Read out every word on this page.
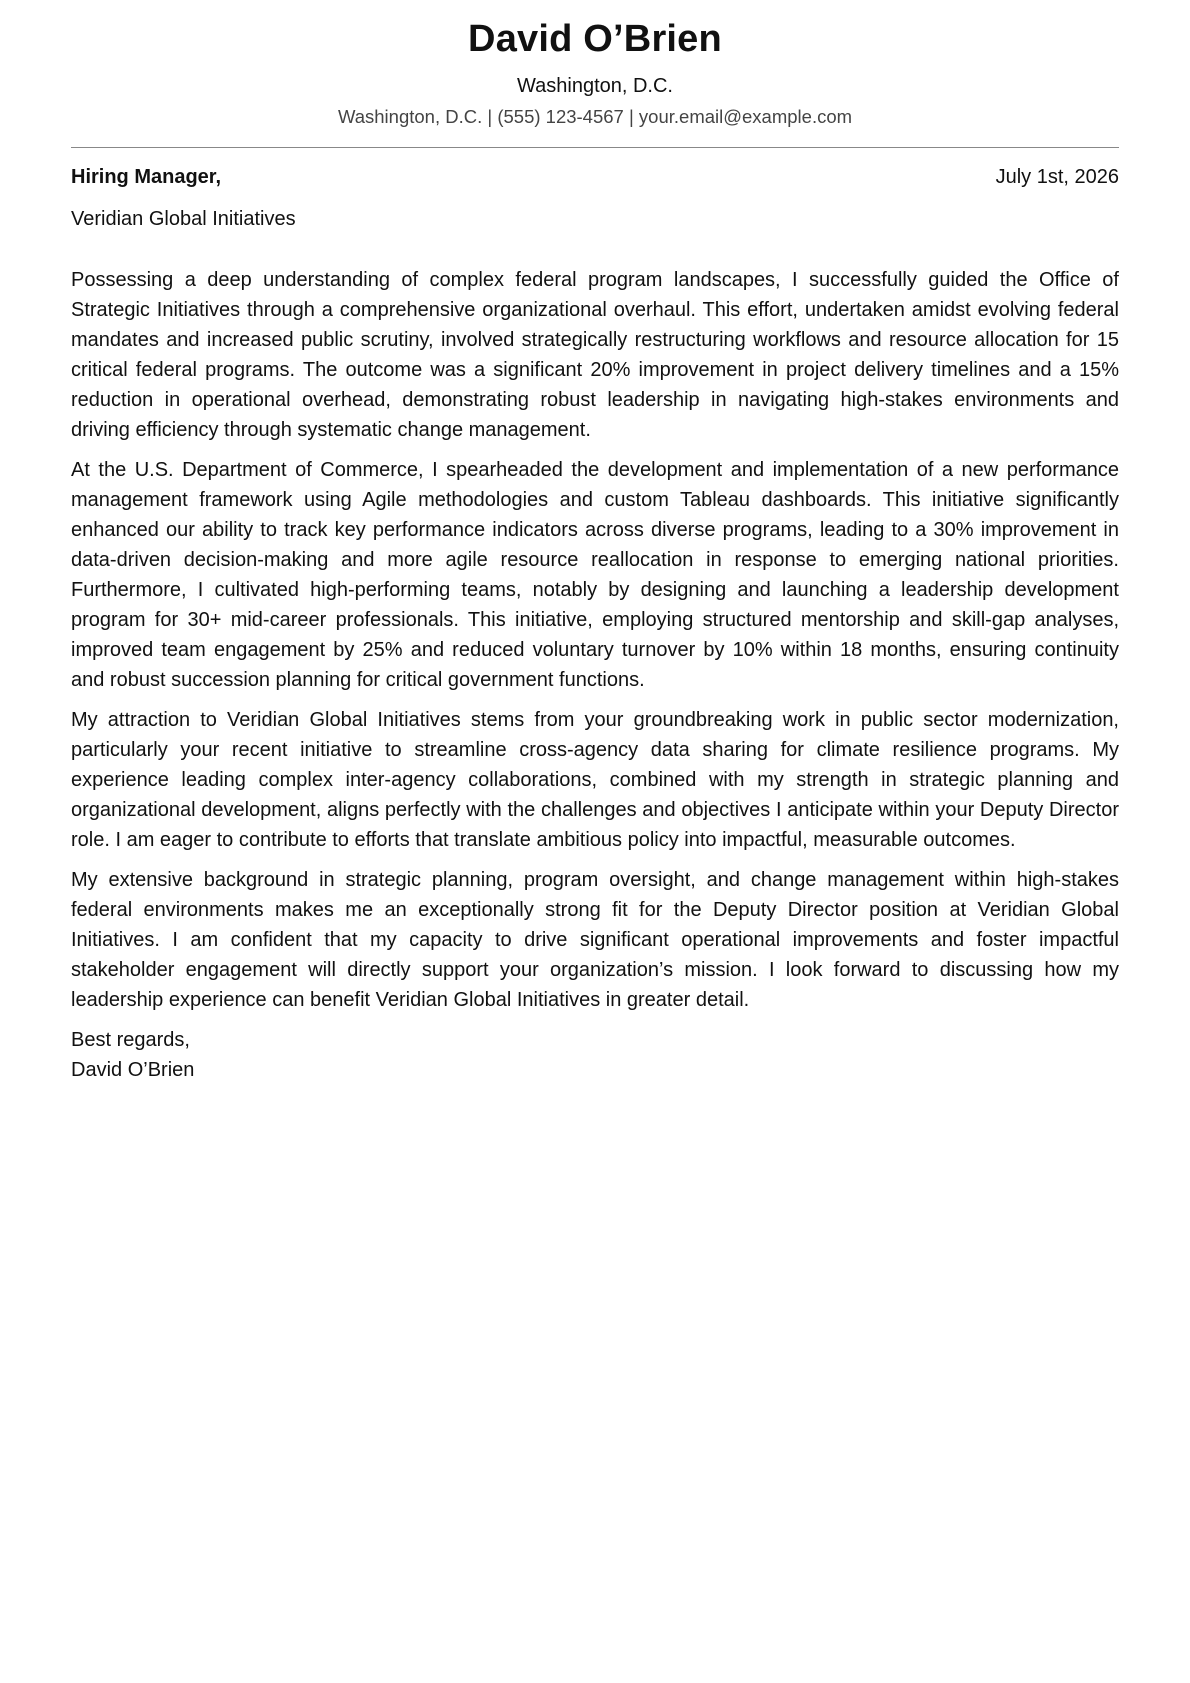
David O’Brien
Washington, D.C.
Washington, D.C. | (555) 123-4567 | your.email@example.com
Hiring Manager,	July 1st, 2026
Veridian Global Initiatives

Possessing a deep understanding of complex federal program landscapes, I successfully guided the Office of Strategic Initiatives through a comprehensive organizational overhaul. This effort, undertaken amidst evolving federal mandates and increased public scrutiny, involved strategically restructuring workflows and resource allocation for 15 critical federal programs. The outcome was a significant 20% improvement in project delivery timelines and a 15% reduction in operational overhead, demonstrating robust leadership in navigating high-stakes environments and driving efficiency through systematic change management.

At the U.S. Department of Commerce, I spearheaded the development and implementation of a new performance management framework using Agile methodologies and custom Tableau dashboards. This initiative significantly enhanced our ability to track key performance indicators across diverse programs, leading to a 30% improvement in data-driven decision-making and more agile resource reallocation in response to emerging national priorities. Furthermore, I cultivated high-performing teams, notably by designing and launching a leadership development program for 30+ mid-career professionals. This initiative, employing structured mentorship and skill-gap analyses, improved team engagement by 25% and reduced voluntary turnover by 10% within 18 months, ensuring continuity and robust succession planning for critical government functions.

My attraction to Veridian Global Initiatives stems from your groundbreaking work in public sector modernization, particularly your recent initiative to streamline cross-agency data sharing for climate resilience programs. My experience leading complex inter-agency collaborations, combined with my strength in strategic planning and organizational development, aligns perfectly with the challenges and objectives I anticipate within your Deputy Director role. I am eager to contribute to efforts that translate ambitious policy into impactful, measurable outcomes.

My extensive background in strategic planning, program oversight, and change management within high-stakes federal environments makes me an exceptionally strong fit for the Deputy Director position at Veridian Global Initiatives. I am confident that my capacity to drive significant operational improvements and foster impactful stakeholder engagement will directly support your organization’s mission. I look forward to discussing how my leadership experience can benefit Veridian Global Initiatives in greater detail.

Best regards,
David O’Brien
